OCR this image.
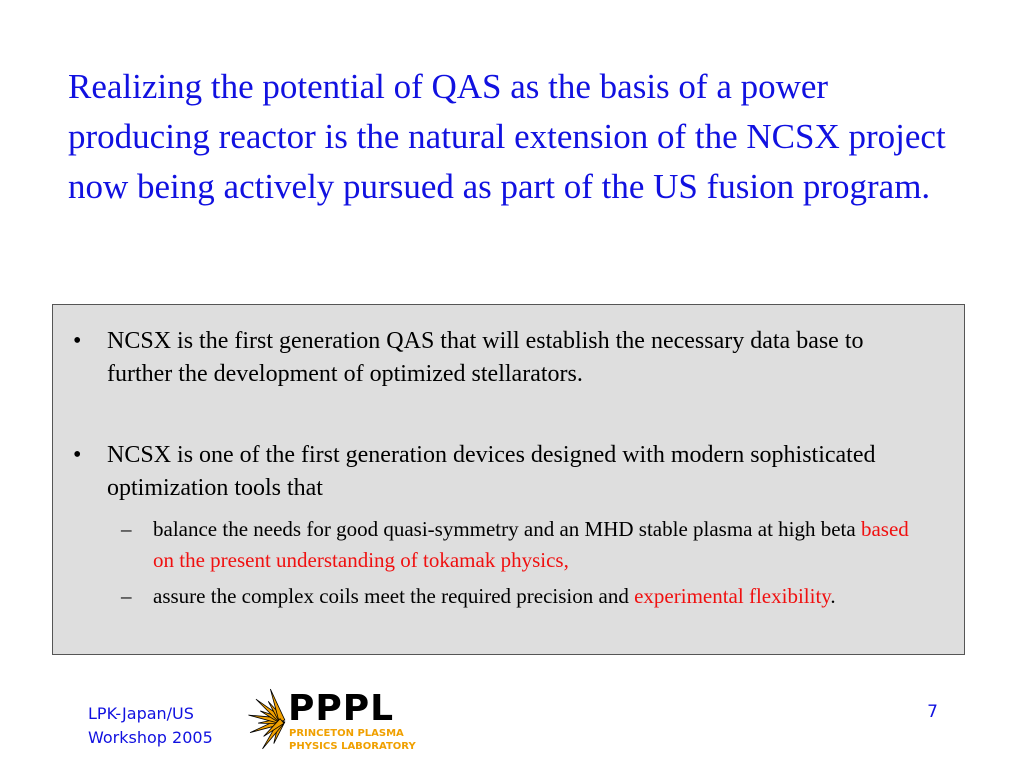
Realizing the potential of QAS as the basis of a power producing reactor is the natural extension of the NCSX project now being actively pursued as part of the US fusion program.
• NCSX is the first generation QAS that will establish the necessary data base to further the development of optimized stellarators.
• NCSX is one of the first generation devices designed with modern sophisticated optimization tools that
– balance the needs for good quasi-symmetry and an MHD stable plasma at high beta based on the present understanding of tokamak physics,
– assure the complex coils meet the required precision and experimental flexibility.
LPK-Japan/US
Workshop 2005
PPPL
PRINCETON PLASMA
PHYSICS LABORATORY
7
